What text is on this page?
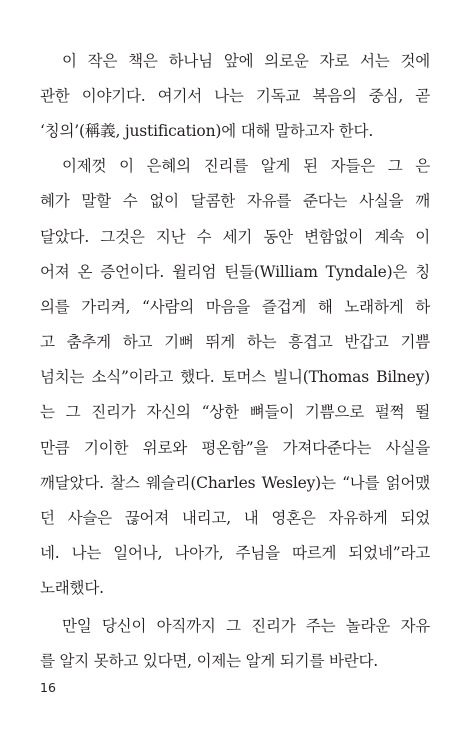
이 작은 책은 하나님 앞에 의로운 자로 서는 것에
관한 이야기다. 여기서 나는 기독교 복음의 중심, 곧
‘칭의’(稱義, justification)에 대해 말하고자 한다.
이제껏 이 은혜의 진리를 알게 된 자들은 그 은
혜가 말할 수 없이 달콤한 자유를 준다는 사실을 깨
달았다. 그것은 지난 수 세기 동안 변함없이 계속 이
어져 온 증언이다. 윌리엄 틴들(William Tyndale)은 칭
의를 가리켜, “사람의 마음을 즐겁게 해 노래하게 하
고 춤추게 하고 기뻐 뛰게 하는 흥겹고 반갑고 기쁨
넘치는 소식”이라고 했다. 토머스 빌니(Thomas Bilney)
는 그 진리가 자신의 “상한 뼈들이 기쁨으로 펄쩍 뛸
만큼 기이한 위로와 평온함”을 가져다준다는 사실을
깨달았다. 찰스 웨슬리(Charles Wesley)는 “나를 얽어맸
던 사슬은 끊어져 내리고, 내 영혼은 자유하게 되었
네. 나는 일어나, 나아가, 주님을 따르게 되었네”라고
노래했다.
만일 당신이 아직까지 그 진리가 주는 놀라운 자유
를 알지 못하고 있다면, 이제는 알게 되기를 바란다.
16
